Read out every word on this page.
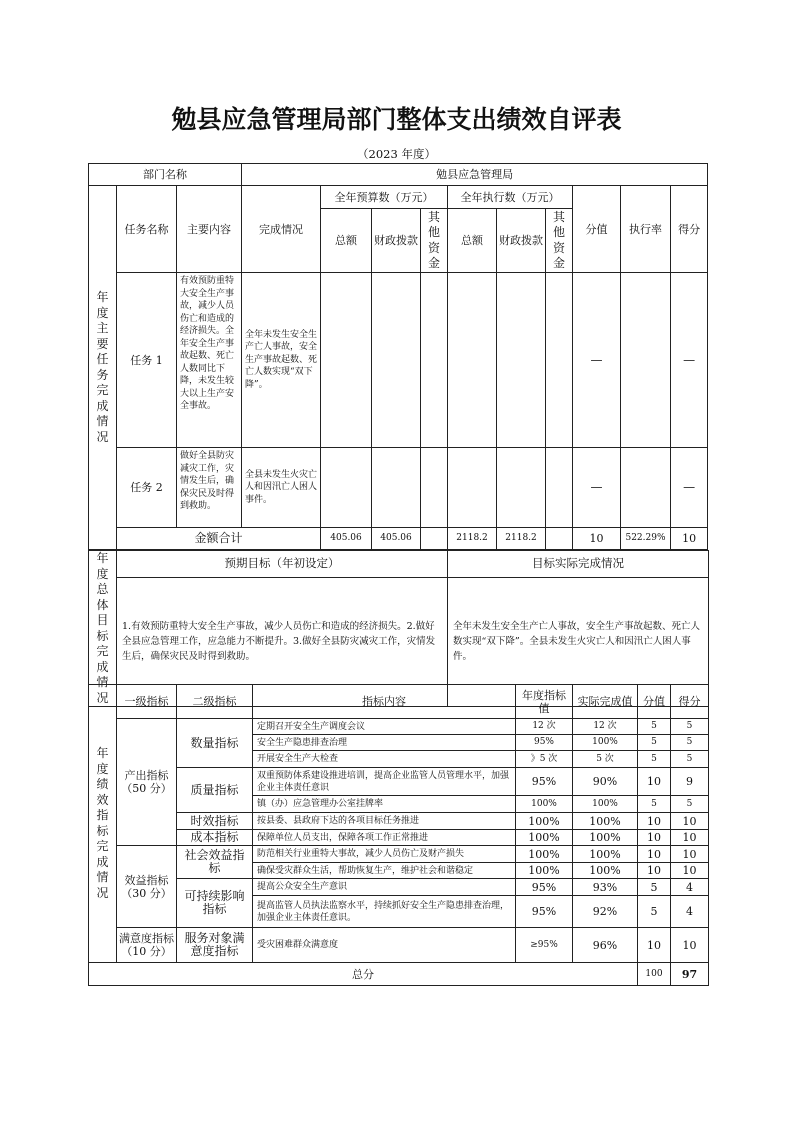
勉县应急管理局部门整体支出绩效自评表
（2023 年度）
部门名称			勉县应急管理局									
年度主要任务完成情况	任务名称	主要内容	完成情况	全年预算数（万元）			全年执行数（万元）			分值	执行率	得分
				总额	财政拨款	其他资金	总额	财政拨款	其他资金			
	任务 1	有效预防重特大安全生产事故，减少人员伤亡和造成的经济损失。全年安全生产事故起数、死亡人数同比下降，未发生较大以上生产安全事故。	全年未发生安全生产亡人事故，安全生产事故起数、死亡人数实现“双下降”。							—		—
	任务 2	做好全县防灾减灾工作，灾情发生后，确保灾民及时得到救助。	全县未发生火灾亡人和因汛亡人困人事件。							—		—
	金额合计			405.06	405.06		2118.2	2118.2		10	522.29%	10
年度总体目标完成情况	预期目标（年初设定）	目标实际完成情况
	1.有效预防重特大安全生产事故，减少人员伤亡和造成的经济损失。2.做好全县应急管理工作，应急能力不断提升。3.做好全县防灾减灾工作，灾情发生后，确保灾民及时得到救助。	全年未发生安全生产亡人事故，安全生产事故起数、死亡人数实现“双下降”。全县未发生火灾亡人和因汛亡人困人事件。
年度绩效指标完成情况	一级指标	二级指标	指标内容	年度指标值	实际完成值	分值	得分
	产出指标（50 分）	数量指标	定期召开安全生产调度会议	12 次	12 次	5	5
			安全生产隐患排查治理	95%	100%	5	5
			开展安全生产大检查	》5 次	5 次	5	5
		质量指标	双重预防体系建设推进培训，提高企业监管人员管理水平，加强企业主体责任意识	95%	90%	10	9
			镇（办）应急管理办公室挂牌率	100%	100%	5	5
		时效指标	按县委、县政府下达的各项目标任务推进	100%	100%	10	10
		成本指标	保障单位人员支出，保障各项工作正常推进	100%	100%	10	10
	效益指标（30 分）	社会效益指标	防范相关行业重特大事故，减少人员伤亡及财产损失	100%	100%	10	10
			确保受灾群众生活，帮助恢复生产，维护社会和谐稳定	100%	100%	10	10
		可持续影响指标	提高公众安全生产意识	95%	93%	5	4
			提高监管人员执法监察水平，持续抓好安全生产隐患排查治理，加强企业主体责任意识。	95%	92%	5	4
	满意度指标（10 分）	服务对象满意度指标	受灾困难群众满意度	≥95%	96%	10	10
总分						100	97
